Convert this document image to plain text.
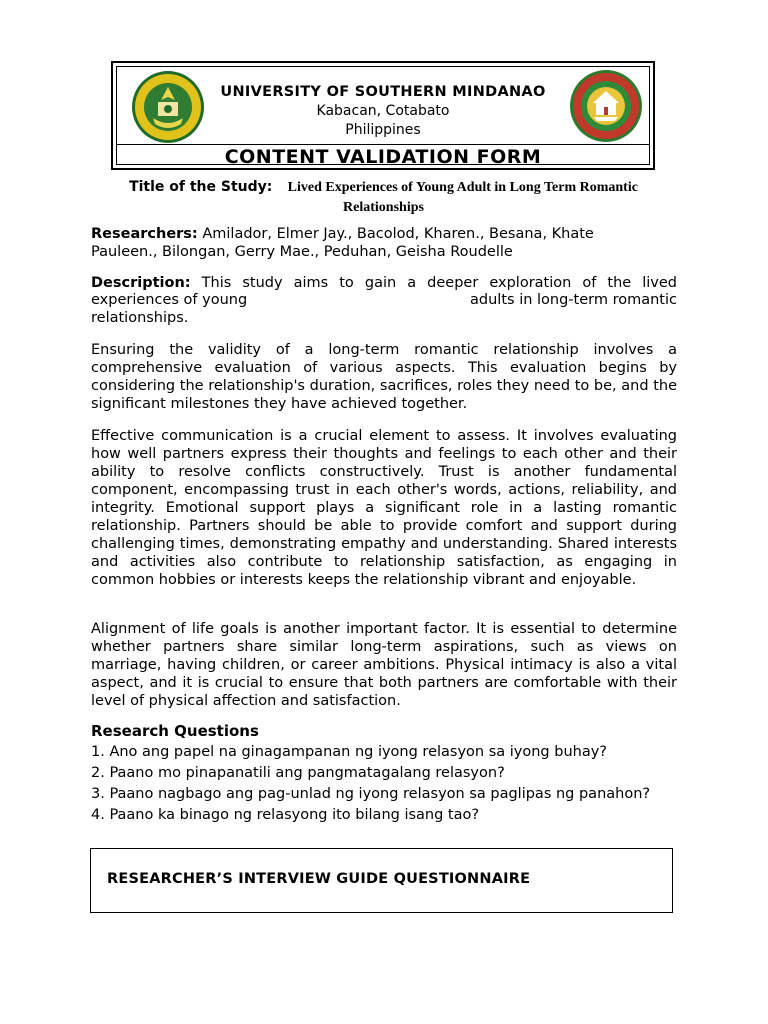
UNIVERSITY OF SOUTHERN MINDANAO
Kabacan, Cotabato
Philippines
CONTENT VALIDATION FORM
Title of the Study: Lived Experiences of Young Adult in Long Term Romantic
Relationships
Researchers: Amilador, Elmer Jay., Bacolod, Kharen., Besana, Khate
Pauleen., Bilongan, Gerry Mae., Peduhan, Geisha Roudelle
Description: This study aims to gain a deeper exploration of the lived
experiences of young	adults in long-term romantic
relationships.
Ensuring the validity of a long-term romantic relationship involves a comprehensive evaluation of various aspects. This evaluation begins by considering the relationship's duration, sacrifices, roles they need to be, and the significant milestones they have achieved together.
Effective communication is a crucial element to assess. It involves evaluating how well partners express their thoughts and feelings to each other and their ability to resolve conflicts constructively. Trust is another fundamental component, encompassing trust in each other's words, actions, reliability, and integrity. Emotional support plays a significant role in a lasting romantic relationship. Partners should be able to provide comfort and support during challenging times, demonstrating empathy and understanding. Shared interests and activities also contribute to relationship satisfaction, as engaging in common hobbies or interests keeps the relationship vibrant and enjoyable.
Alignment of life goals is another important factor. It is essential to determine whether partners share similar long-term aspirations, such as views on marriage, having children, or career ambitions. Physical intimacy is also a vital aspect, and it is crucial to ensure that both partners are comfortable with their level of physical affection and satisfaction.
Research Questions
1. Ano ang papel na ginagampanan ng iyong relasyon sa iyong buhay?
2. Paano mo pinapanatili ang pangmatagalang relasyon?
3. Paano nagbago ang pag-unlad ng iyong relasyon sa paglipas ng panahon?
4. Paano ka binago ng relasyong ito bilang isang tao?
RESEARCHER’S INTERVIEW GUIDE QUESTIONNAIRE
